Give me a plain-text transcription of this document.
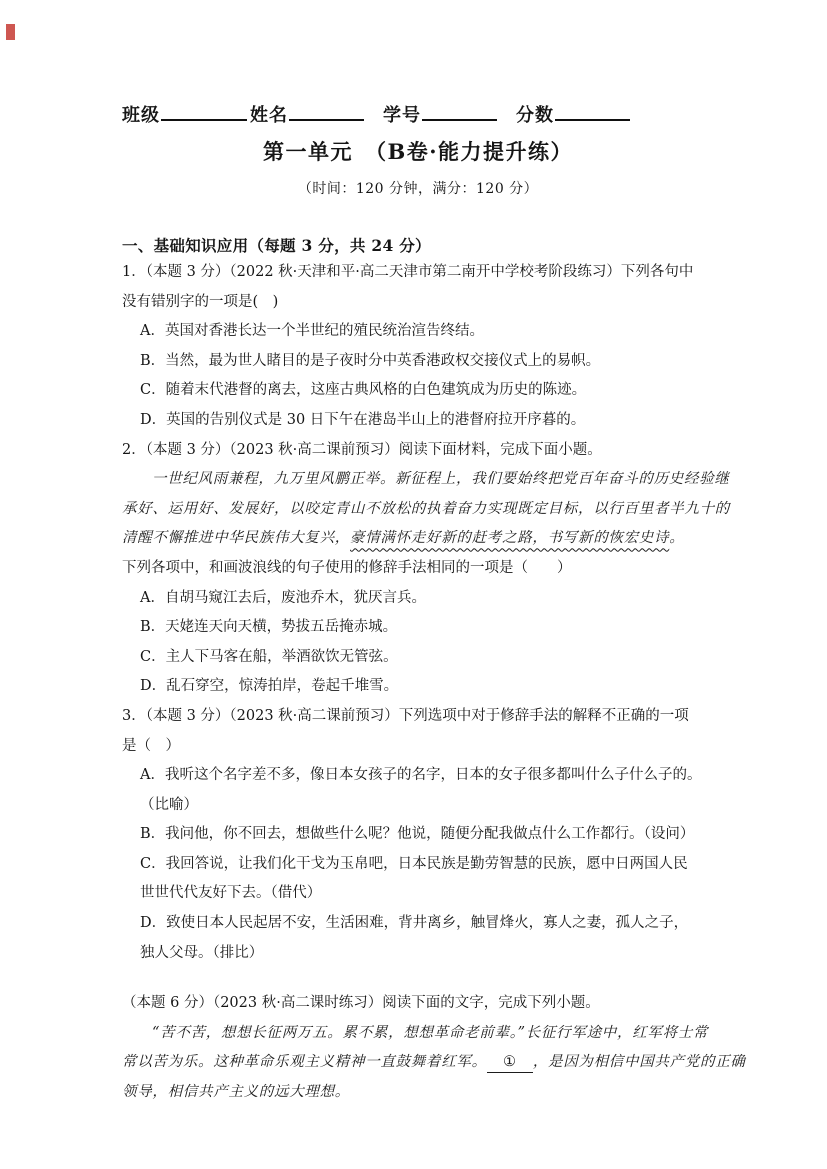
班级	姓名	学号	分数
第一单元　（B卷·能力提升练）
（时间：120 分钟，满分：120 分）
一、基础知识应用（每题 3 分，共 24 分）
1．（本题 3 分）（2022 秋·天津和平·高二天津市第二南开中学校考阶段练习）下列各句中
没有错别字的一项是(　)
A．英国对香港长达一个半世纪的殖民统治渲告终结。
B．当然，最为世人睹目的是子夜时分中英香港政权交接仪式上的易帜。
C．随着末代港督的离去，这座古典风格的白色建筑成为历史的陈迹。
D．英国的告别仪式是 30 日下午在港岛半山上的港督府拉开序暮的。
2．（本题 3 分）（2023 秋·高二课前预习）阅读下面材料，完成下面小题。
一世纪风雨兼程，九万里风鹏正举。新征程上，我们要始终把党百年奋斗的历史经验继
承好、运用好、发展好，以咬定青山不放松的执着奋力实现既定目标，以行百里者半九十的
清醒不懈推进中华民族伟大复兴，豪情满怀走好新的赶考之路，书写新的恢宏史诗。
下列各项中，和画波浪线的句子使用的修辞手法相同的一项是（　　）
A．自胡马窥江去后，废池乔木，犹厌言兵。
B．天姥连天向天横，势拔五岳掩赤城。
C．主人下马客在船，举酒欲饮无管弦。
D．乱石穿空，惊涛拍岸，卷起千堆雪。
3．（本题 3 分）（2023 秋·高二课前预习）下列选项中对于修辞手法的解释不正确的一项
是（　）
A．我听这个名字差不多，像日本女孩子的名字，日本的女子很多都叫什么子什么子的。
（比喻）
B．我问他，你不回去，想做些什么呢？他说，随便分配我做点什么工作都行。（设问）
C．我回答说，让我们化干戈为玉帛吧，日本民族是勤劳智慧的民族，愿中日两国人民
世世代代友好下去。（借代）
D．致使日本人民起居不安，生活困难，背井离乡，触冒烽火，寡人之妻，孤人之子，
独人父母。（排比）
（本题 6 分）（2023 秋·高二课时练习）阅读下面的文字，完成下列小题。
“苦不苦，想想长征两万五。累不累，想想革命老前辈。”长征行军途中，红军将士常
常以苦为乐。这种革命乐观主义精神一直鼓舞着红军。 ① ，是因为相信中国共产党的正确
领导，相信共产主义的远大理想。
